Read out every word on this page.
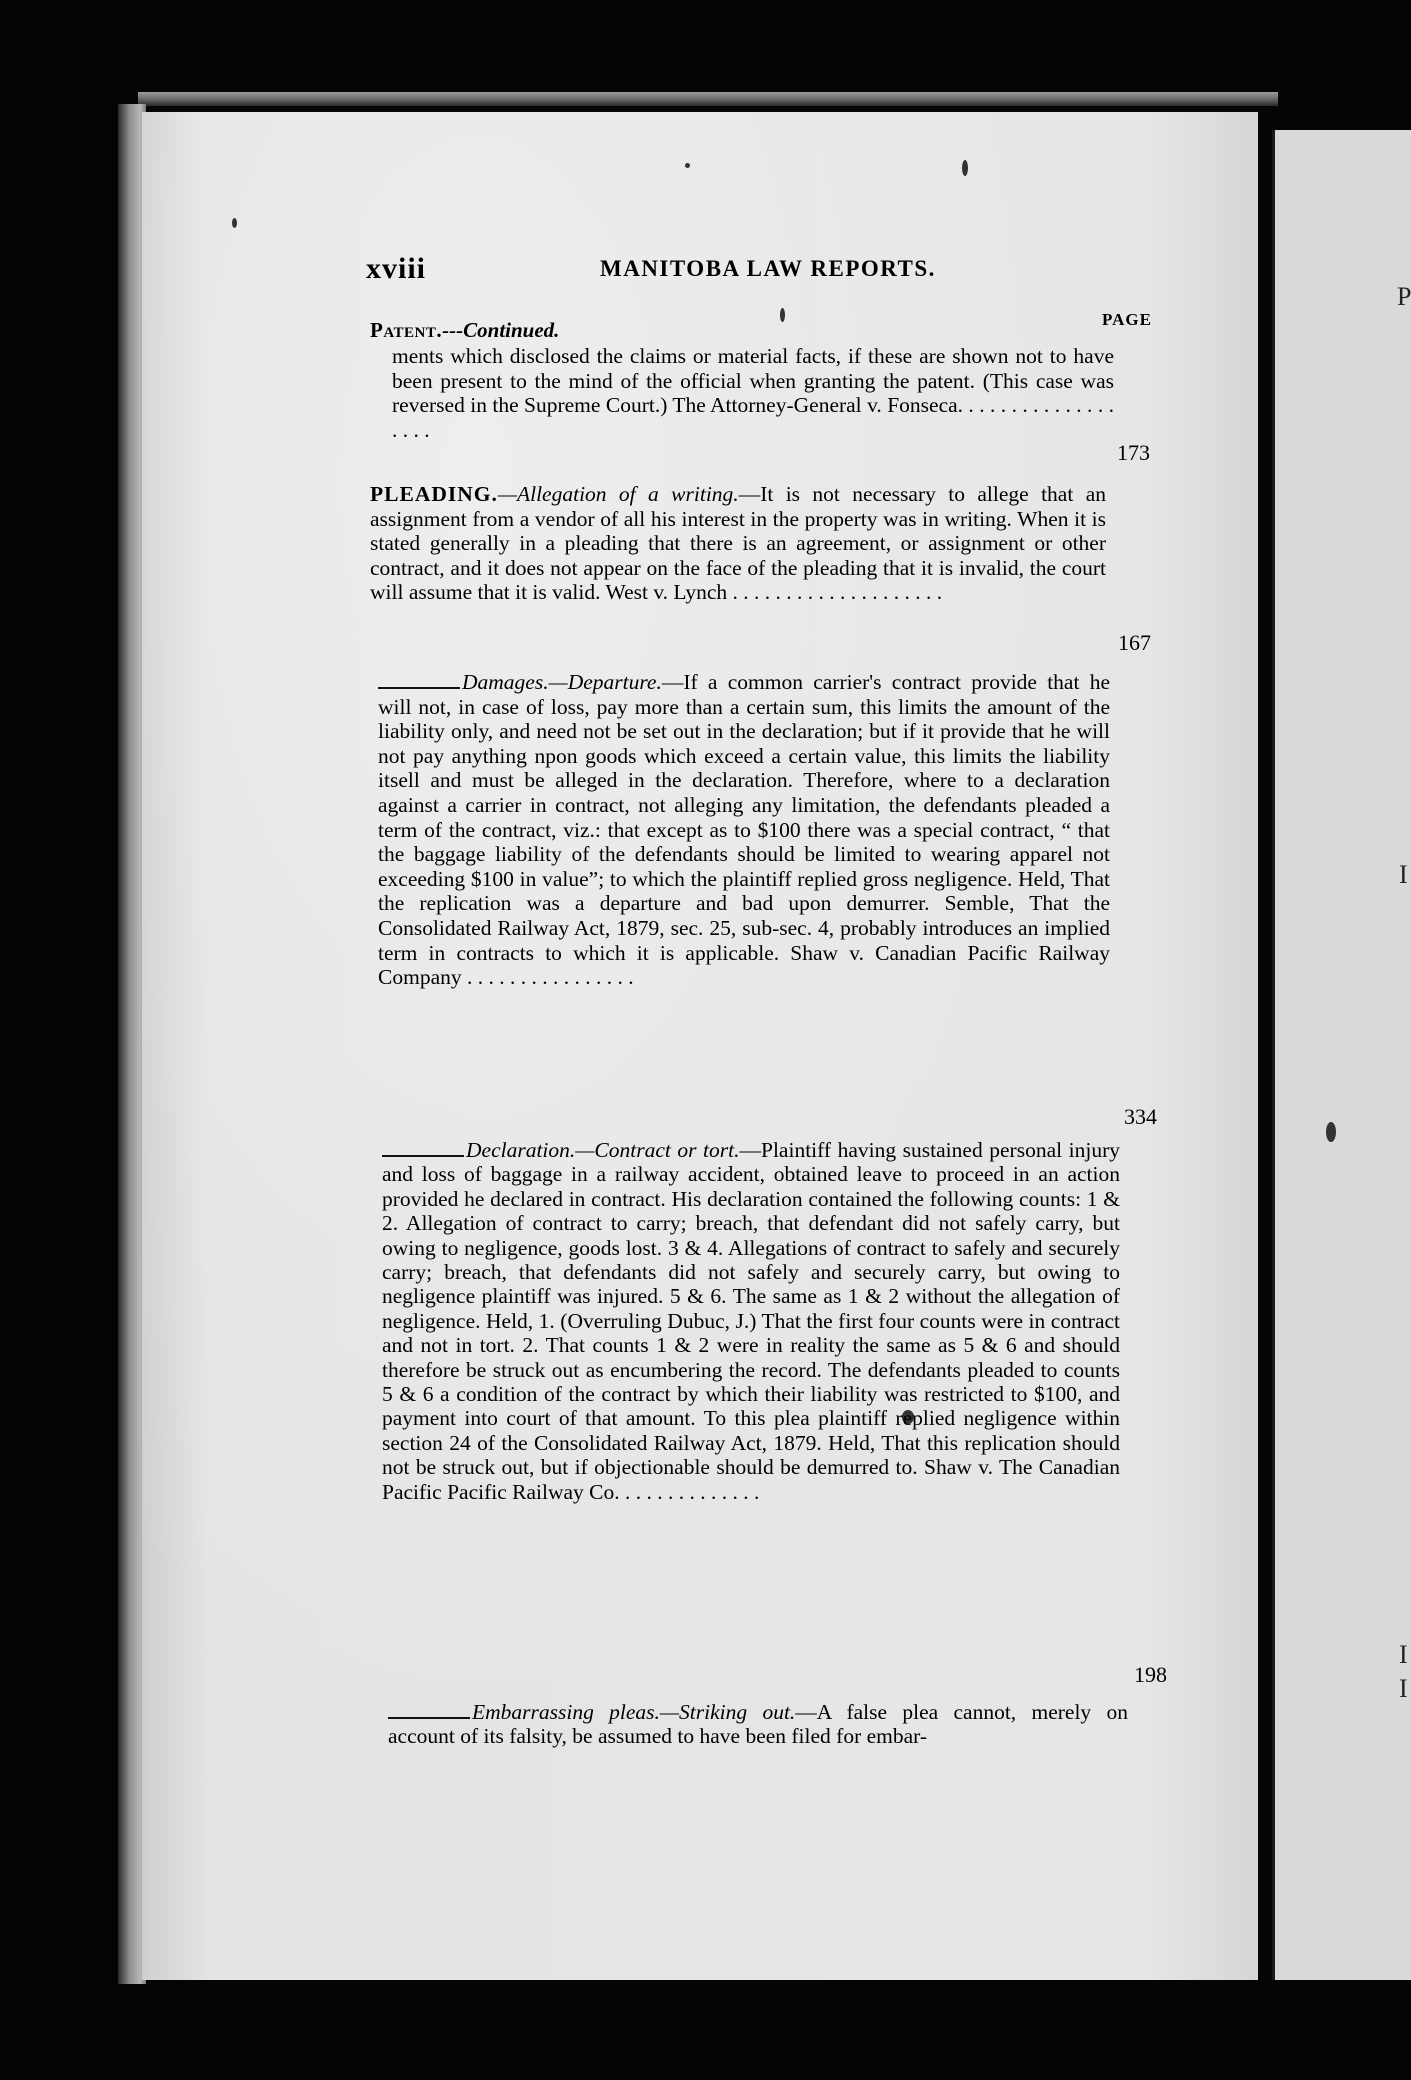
P
I
I
I
xviii	MANITOBA LAW REPORTS.
PAGE
Patent.---Continued.
ments which disclosed the claims or material facts, if these are shown not to have been present to the mind of the official when granting the patent. (This case was reversed in the Supreme Court.) The Attorney-General v. Fonseca. . . . . . . . . . . . . . . . . . .
173
PLEADING.—Allegation of a writing.—It is not necessary to allege that an assignment from a vendor of all his interest in the property was in writing. When it is stated generally in a pleading that there is an agreement, or assignment or other contract, and it does not appear on the face of the pleading that it is invalid, the court will assume that it is valid. West v. Lynch . . . . . . . . . . . . . . . . . . . .
167
Damages.—Departure.—If a common carrier's contract provide that he will not, in case of loss, pay more than a certain sum, this limits the amount of the liability only, and need not be set out in the declaration; but if it provide that he will not pay anything npon goods which exceed a certain value, this limits the liability itsell and must be alleged in the declaration. Therefore, where to a declaration against a carrier in contract, not alleging any limitation, the defendants pleaded a term of the contract, viz.: that except as to $100 there was a special contract, “ that the baggage liability of the defendants should be limited to wearing apparel not exceeding $100 in value”; to which the plaintiff replied gross negligence. Held, That the replication was a departure and bad upon demurrer. Semble, That the Consolidated Railway Act, 1879, sec. 25, sub-sec. 4, probably introduces an implied term in contracts to which it is applicable. Shaw v. Canadian Pacific Railway Company . . . . . . . . . . . . . . . .
334
Declaration.—Contract or tort.—Plaintiff having sustained personal injury and loss of baggage in a railway accident, obtained leave to proceed in an action provided he declared in contract. His declaration contained the following counts: 1 & 2. Allegation of contract to carry; breach, that defendant did not safely carry, but owing to negligence, goods lost. 3 & 4. Allegations of contract to safely and securely carry; breach, that defendants did not safely and securely carry, but owing to negligence plaintiff was injured. 5 & 6. The same as 1 & 2 without the allegation of negligence. Held, 1. (Overruling Dubuc, J.) That the first four counts were in contract and not in tort. 2. That counts 1 & 2 were in reality the same as 5 & 6 and should therefore be struck out as encumbering the record. The defendants pleaded to counts 5 & 6 a condition of the contract by which their liability was restricted to $100, and payment into court of that amount. To this plea plaintiff replied negligence within section 24 of the Consolidated Railway Act, 1879. Held, That this replication should not be struck out, but if objectionable should be demurred to. Shaw v. The Canadian Pacific Pacific Railway Co. . . . . . . . . . . . . .
198
Embarrassing pleas.—Striking out.—A false plea cannot, merely on account of its falsity, be assumed to have been filed for embar-
